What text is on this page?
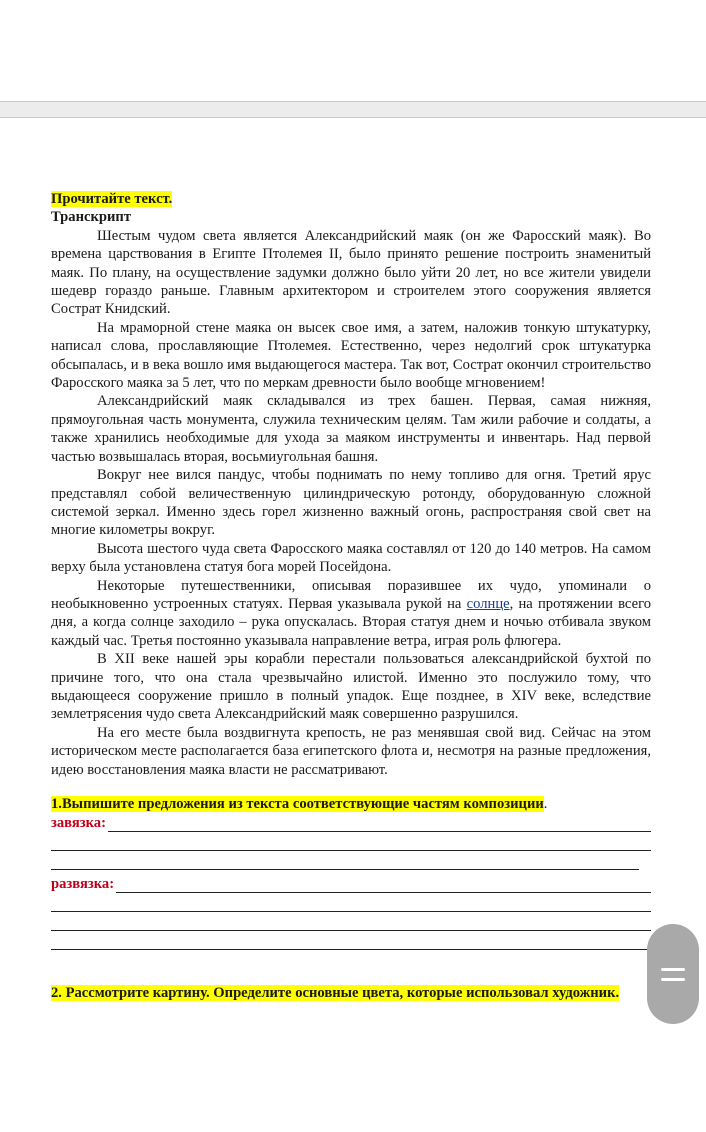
Прочитайте текст.

Транскрипт

Шестым чудом света является Александрийский маяк (он же Фаросский маяк). Во времена царствования в Египте Птолемея II, было принято решение построить знаменитый маяк. По плану, на осуществление задумки должно было уйти 20 лет, но все жители увидели шедевр гораздо раньше. Главным архитектором и строителем этого сооружения является Сострат Книдский.

На мраморной стене маяка он высек свое имя, а затем, наложив тонкую штукатурку, написал слова, прославляющие Птолемея. Естественно, через недолгий срок штукатурка обсыпалась, и в века вошло имя выдающегося мастера. Так вот, Сострат окончил строительство Фаросского маяка за 5 лет, что по меркам древности было вообще мгновением!

Александрийский маяк складывался из трех башен. Первая, самая нижняя, прямоугольная часть монумента, служила техническим целям. Там жили рабочие и солдаты, а также хранились необходимые для ухода за маяком инструменты и инвентарь. Над первой частью возвышалась вторая, восьмиугольная башня.

Вокруг нее вился пандус, чтобы поднимать по нему топливо для огня. Третий ярус представлял собой величественную цилиндрическую ротонду, оборудованную сложной системой зеркал. Именно здесь горел жизненно важный огонь, распространяя свой свет на многие километры вокруг.

Высота шестого чуда света Фаросского маяка составлял от 120 до 140 метров. На самом верху была установлена статуя бога морей Посейдона.

Некоторые путешественники, описывая поразившее их чудо, упоминали о необыкновенно устроенных статуях. Первая указывала рукой на солнце, на протяжении всего дня, а когда солнце заходило – рука опускалась. Вторая статуя днем и ночью отбивала звуком каждый час. Третья постоянно указывала направление ветра, играя роль флюгера.

В XII веке нашей эры корабли перестали пользоваться александрийской бухтой по причине того, что она стала чрезвычайно илистой. Именно это послужило тому, что выдающееся сооружение пришло в полный упадок. Еще позднее, в XIV веке, вследствие землетрясения чудо света Александрийский маяк совершенно разрушился.

На его месте была воздвигнута крепость, не раз менявшая свой вид. Сейчас на этом историческом месте располагается база египетского флота и, несмотря на разные предложения, идею восстановления маяка власти не рассматривают.

1.Выпишите предложения из текста соответствующие частям композиции.

завязка:
развязка:

2. Рассмотрите картину. Определите основные цвета, которые использовал художник.
